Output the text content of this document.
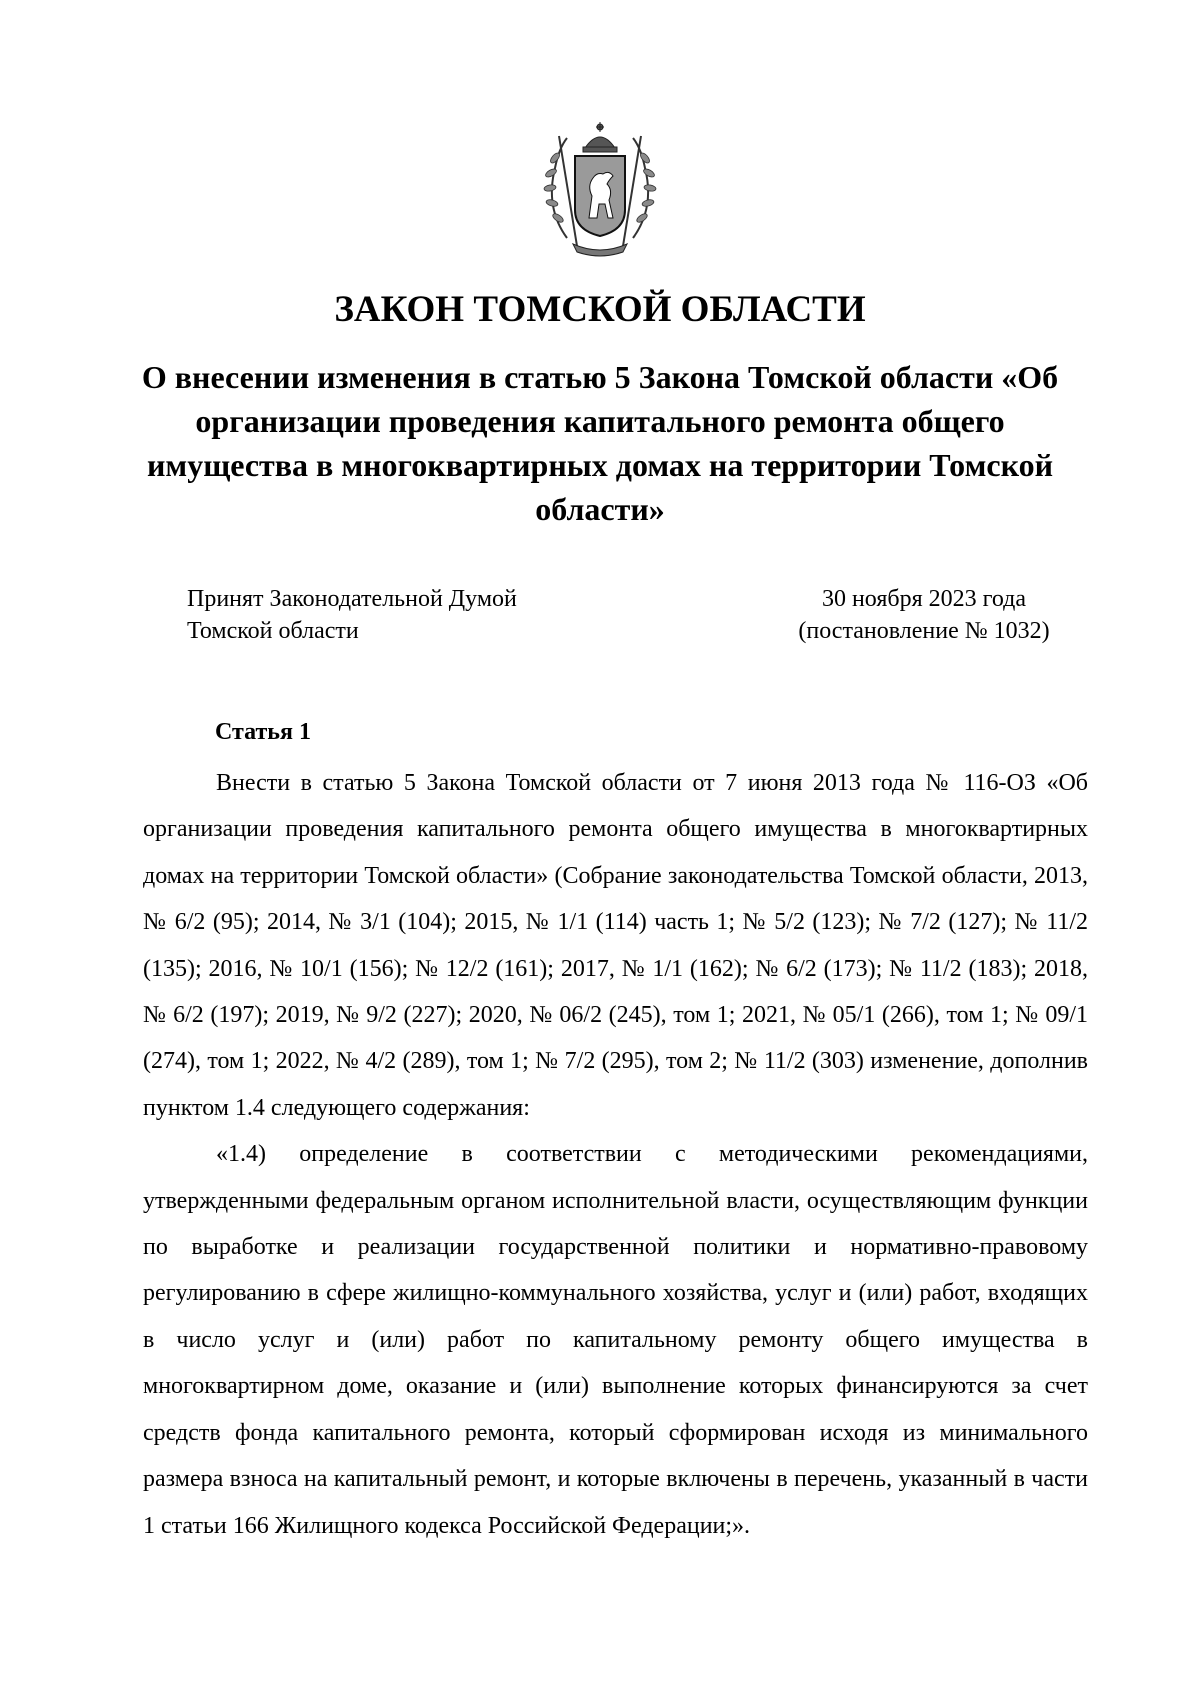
ЗАКОН ТОМСКОЙ ОБЛАСТИ
О внесении изменения в статью 5 Закона Томской области «Об организации проведения капитального ремонта общего имущества в многоквартирных домах на территории Томской области»
Принят Законодательной Думой
Томской области
30 ноября 2023 года
(постановление № 1032)
Статья 1

Внести в статью 5 Закона Томской области от 7 июня 2013 года № 116-ОЗ «Об организации проведения капитального ремонта общего имущества в многоквартирных домах на территории Томской области» (Собрание законодательства Томской области, 2013, № 6/2 (95); 2014, № 3/1 (104); 2015, № 1/1 (114) часть 1; № 5/2 (123); № 7/2 (127); № 11/2 (135); 2016, № 10/1 (156); № 12/2 (161); 2017, № 1/1 (162); № 6/2 (173); № 11/2 (183); 2018, № 6/2 (197); 2019, № 9/2 (227); 2020, № 06/2 (245), том 1; 2021, № 05/1 (266), том 1; № 09/1 (274), том 1; 2022, № 4/2 (289), том 1; № 7/2 (295), том 2; № 11/2 (303) изменение, дополнив пунктом 1.4 следующего содержания:

«1.4) определение в соответствии с методическими рекомендациями, утвержденными федеральным органом исполнительной власти, осуществляющим функции по выработке и реализации государственной политики и нормативно-правовому регулированию в сфере жилищно-коммунального хозяйства, услуг и (или) работ, входящих в число услуг и (или) работ по капитальному ремонту общего имущества в многоквартирном доме, оказание и (или) выполнение которых финансируются за счет средств фонда капитального ремонта, который сформирован исходя из минимального размера взноса на капитальный ремонт, и которые включены в перечень, указанный в части 1 статьи 166 Жилищного кодекса Российской Федерации;».
